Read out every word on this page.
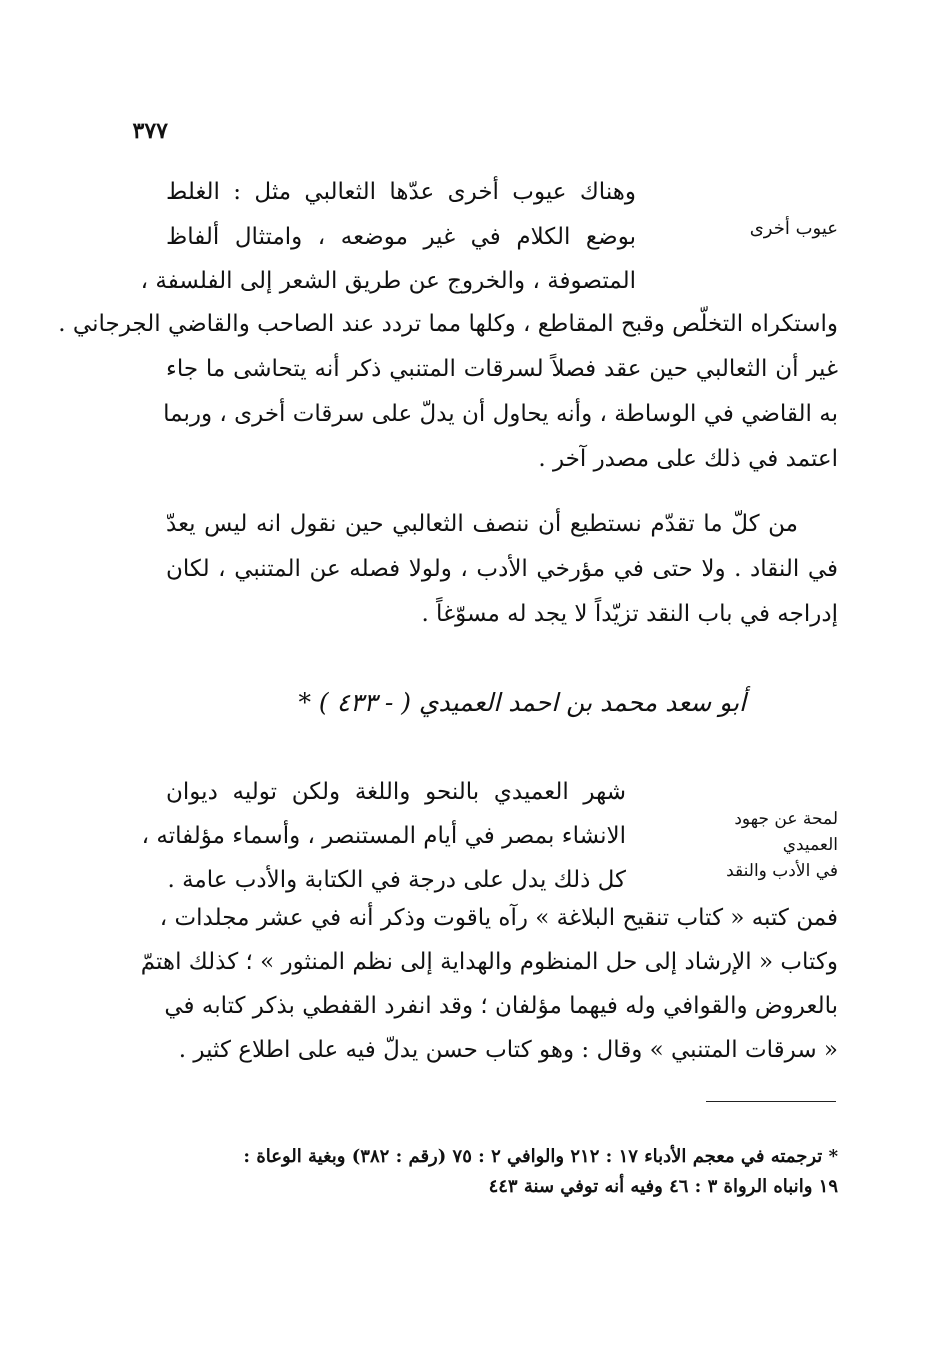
٣٧٧
عيوب أخرى
وهناك عيوب أخرى عدّها الثعالبي مثل : الغلط
بوضع الكلام في غير موضعه ، وامتثال ألفاظ
المتصوفة ، والخروج عن طريق الشعر إلى الفلسفة ،
واستكراه التخلّص وقبح المقاطع ، وكلها مما تردد عند الصاحب والقاضي الجرجاني .
غير أن الثعالبي حين عقد فصلاً لسرقات المتنبي ذكر أنه يتحاشى ما جاء
به القاضي في الوساطة ، وأنه يحاول أن يدلّ على سرقات أخرى ، وربما
اعتمد في ذلك على مصدر آخر .
من كلّ ما تقدّم نستطيع أن ننصف الثعالبي حين نقول انه ليس يعدّ
في النقاد . ولا حتى في مؤرخي الأدب ، ولولا فصله عن المتنبي ، لكان
إدراجه في باب النقد تزيّداً لا يجد له مسوّغاً .
أبو سعد محمد بن احمد العميدي ( - ٤٣٣ ) *
لمحة عن جهود العميدي
في الأدب والنقد
شهر العميدي بالنحو واللغة ولكن توليه ديوان
الانشاء بمصر في أيام المستنصر ، وأسماء مؤلفاته ،
كل ذلك يدل على درجة في الكتابة والأدب عامة .
فمن كتبه « كتاب تنقيح البلاغة » رآه ياقوت وذكر أنه في عشر مجلدات ،
وكتاب « الإرشاد إلى حل المنظوم والهداية إلى نظم المنثور » ؛ كذلك اهتمّ
بالعروض والقوافي وله فيهما مؤلفان ؛ وقد انفرد القفطي بذكر كتابه في
« سرقات المتنبي » وقال : وهو كتاب حسن يدلّ فيه على اطلاع كثير .
* ترجمته في معجم الأدباء ١٧ : ٢١٢ والوافي ٢ : ٧٥ (رقم : ٣٨٢) وبغية الوعاة :
١٩ وانباه الرواة ٣ : ٤٦ وفيه أنه توفي سنة ٤٤٣
